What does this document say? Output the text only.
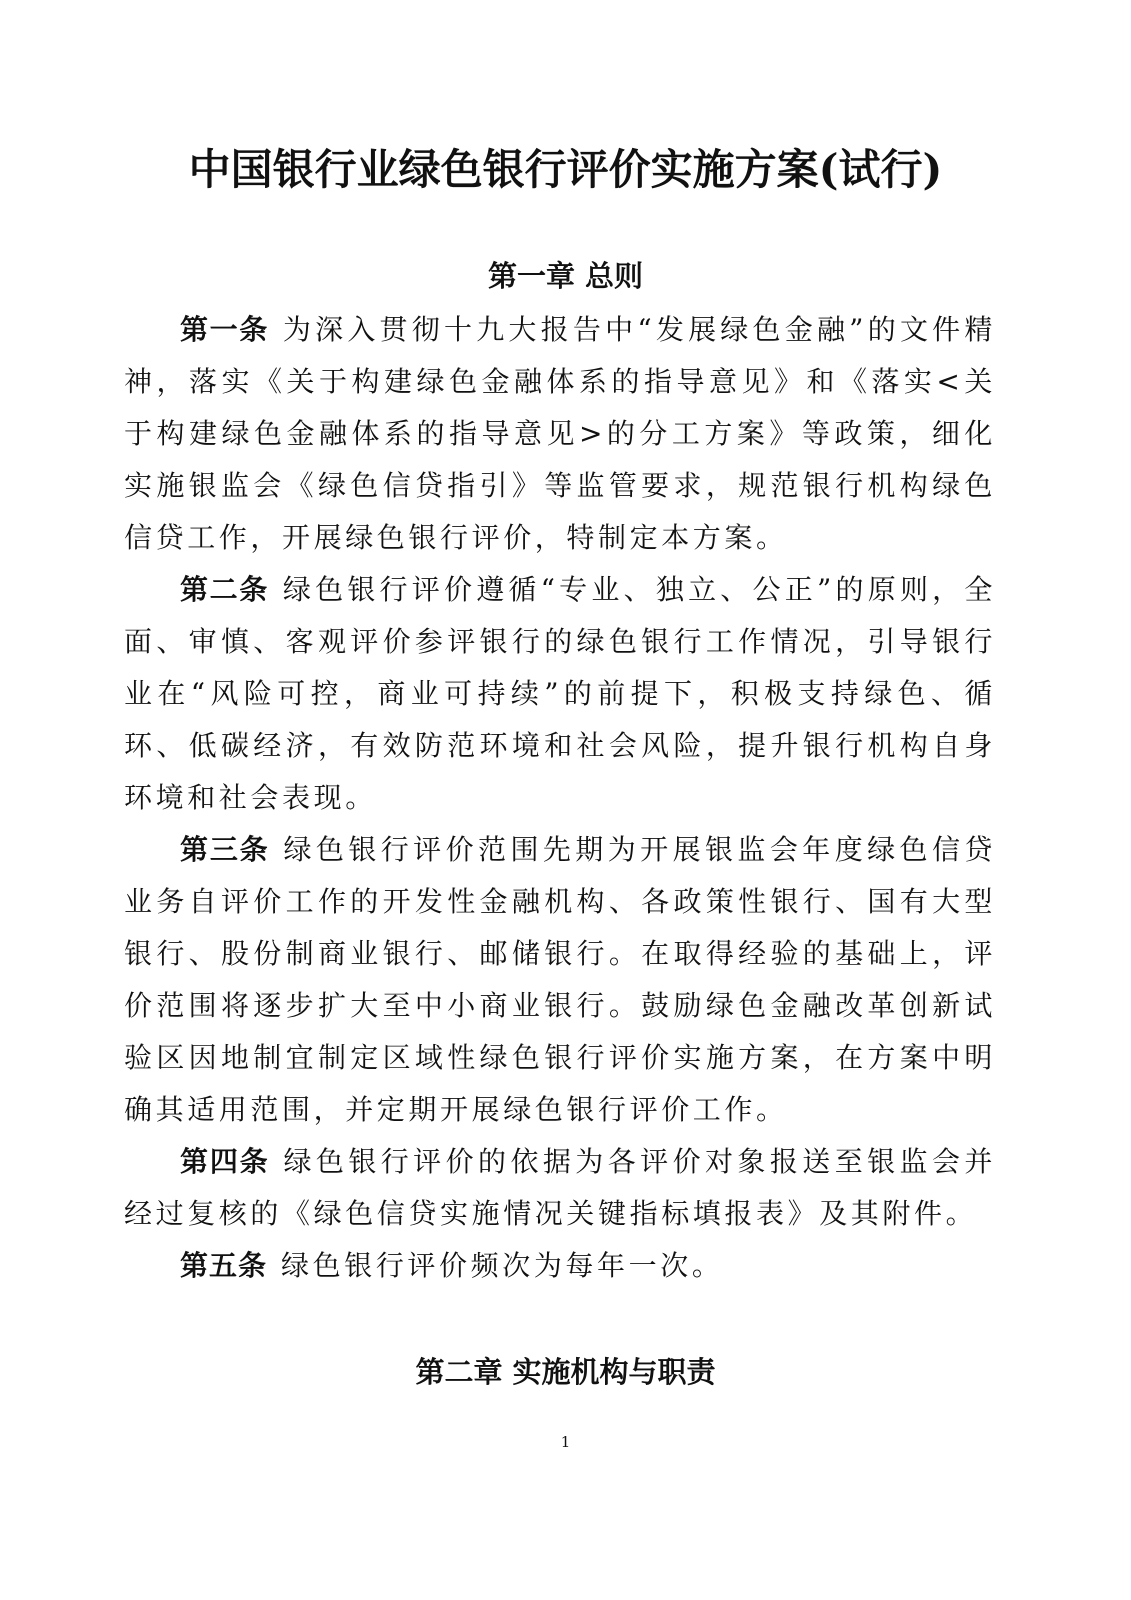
中国银行业绿色银行评价实施方案(试行)
第一章 总则

第一条 为深入贯彻十九大报告中“发展绿色金融”的文件精神，落实《关于构建绿色金融体系的指导意见》和《落实<关于构建绿色金融体系的指导意见>的分工方案》等政策，细化实施银监会《绿色信贷指引》等监管要求，规范银行机构绿色信贷工作，开展绿色银行评价，特制定本方案。

第二条 绿色银行评价遵循“专业、独立、公正”的原则，全面、审慎、客观评价参评银行的绿色银行工作情况，引导银行业在“风险可控，商业可持续”的前提下，积极支持绿色、循环、低碳经济，有效防范环境和社会风险，提升银行机构自身环境和社会表现。

第三条 绿色银行评价范围先期为开展银监会年度绿色信贷业务自评价工作的开发性金融机构、各政策性银行、国有大型银行、股份制商业银行、邮储银行。在取得经验的基础上，评价范围将逐步扩大至中小商业银行。鼓励绿色金融改革创新试验区因地制宜制定区域性绿色银行评价实施方案，在方案中明确其适用范围，并定期开展绿色银行评价工作。

第四条 绿色银行评价的依据为各评价对象报送至银监会并经过复核的《绿色信贷实施情况关键指标填报表》及其附件。

第五条 绿色银行评价频次为每年一次。

第二章 实施机构与职责
1
